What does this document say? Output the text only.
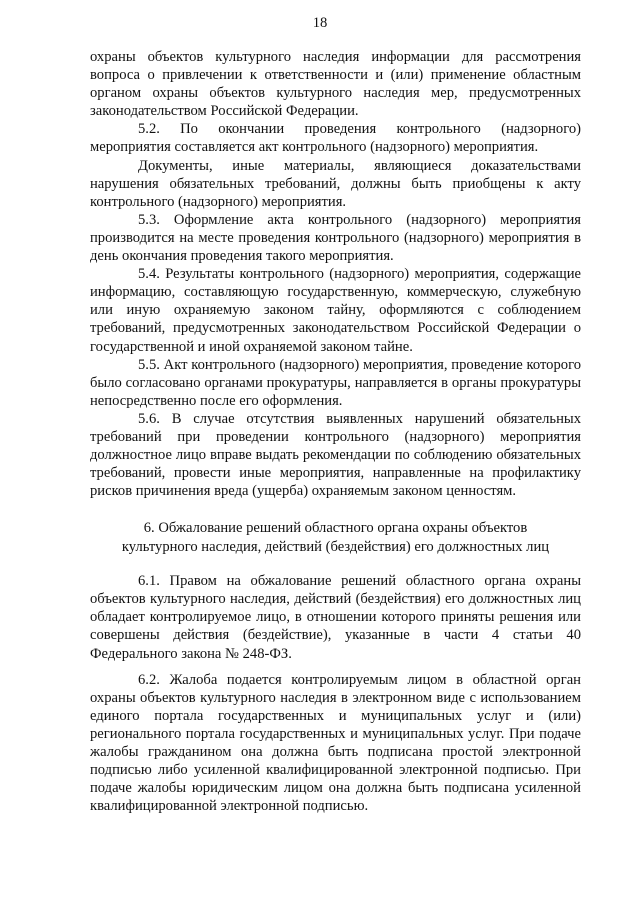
18

охраны объектов культурного наследия информации для рассмотрения вопроса о привлечении к ответственности и (или) применение областным органом охраны объектов культурного наследия мер, предусмотренных законодательством Российской Федерации.

5.2. По окончании проведения контрольного (надзорного) мероприятия составляется акт контрольного (надзорного) мероприятия.

Документы, иные материалы, являющиеся доказательствами нарушения обязательных требований, должны быть приобщены к акту контрольного (надзорного) мероприятия.

5.3. Оформление акта контрольного (надзорного) мероприятия производится на месте проведения контрольного (надзорного) мероприятия в день окончания проведения такого мероприятия.

5.4. Результаты контрольного (надзорного) мероприятия, содержащие информацию, составляющую государственную, коммерческую, служебную или иную охраняемую законом тайну, оформляются с соблюдением требований, предусмотренных законодательством Российской Федерации о государственной и иной охраняемой законом тайне.

5.5. Акт контрольного (надзорного) мероприятия, проведение которого было согласовано органами прокуратуры, направляется в органы прокуратуры непосредственно после его оформления.

5.6. В случае отсутствия выявленных нарушений обязательных требований при проведении контрольного (надзорного) мероприятия должностное лицо вправе выдать рекомендации по соблюдению обязательных требований, провести иные мероприятия, направленные на профилактику рисков причинения вреда (ущерба) охраняемым законом ценностям.

6. Обжалование решений областного органа охраны объектов
культурного наследия, действий (бездействия) его должностных лиц

6.1. Правом на обжалование решений областного органа охраны объектов культурного наследия, действий (бездействия) его должностных лиц обладает контролируемое лицо, в отношении которого приняты решения или совершены действия (бездействие), указанные в части 4 статьи 40 Федерального закона № 248-ФЗ.

6.2. Жалоба подается контролируемым лицом в областной орган охраны объектов культурного наследия в электронном виде с использованием единого портала государственных и муниципальных услуг и (или) регионального портала государственных и муниципальных услуг. При подаче жалобы гражданином она должна быть подписана простой электронной подписью либо усиленной квалифицированной электронной подписью. При подаче жалобы юридическим лицом она должна быть подписана усиленной квалифицированной электронной подписью.
